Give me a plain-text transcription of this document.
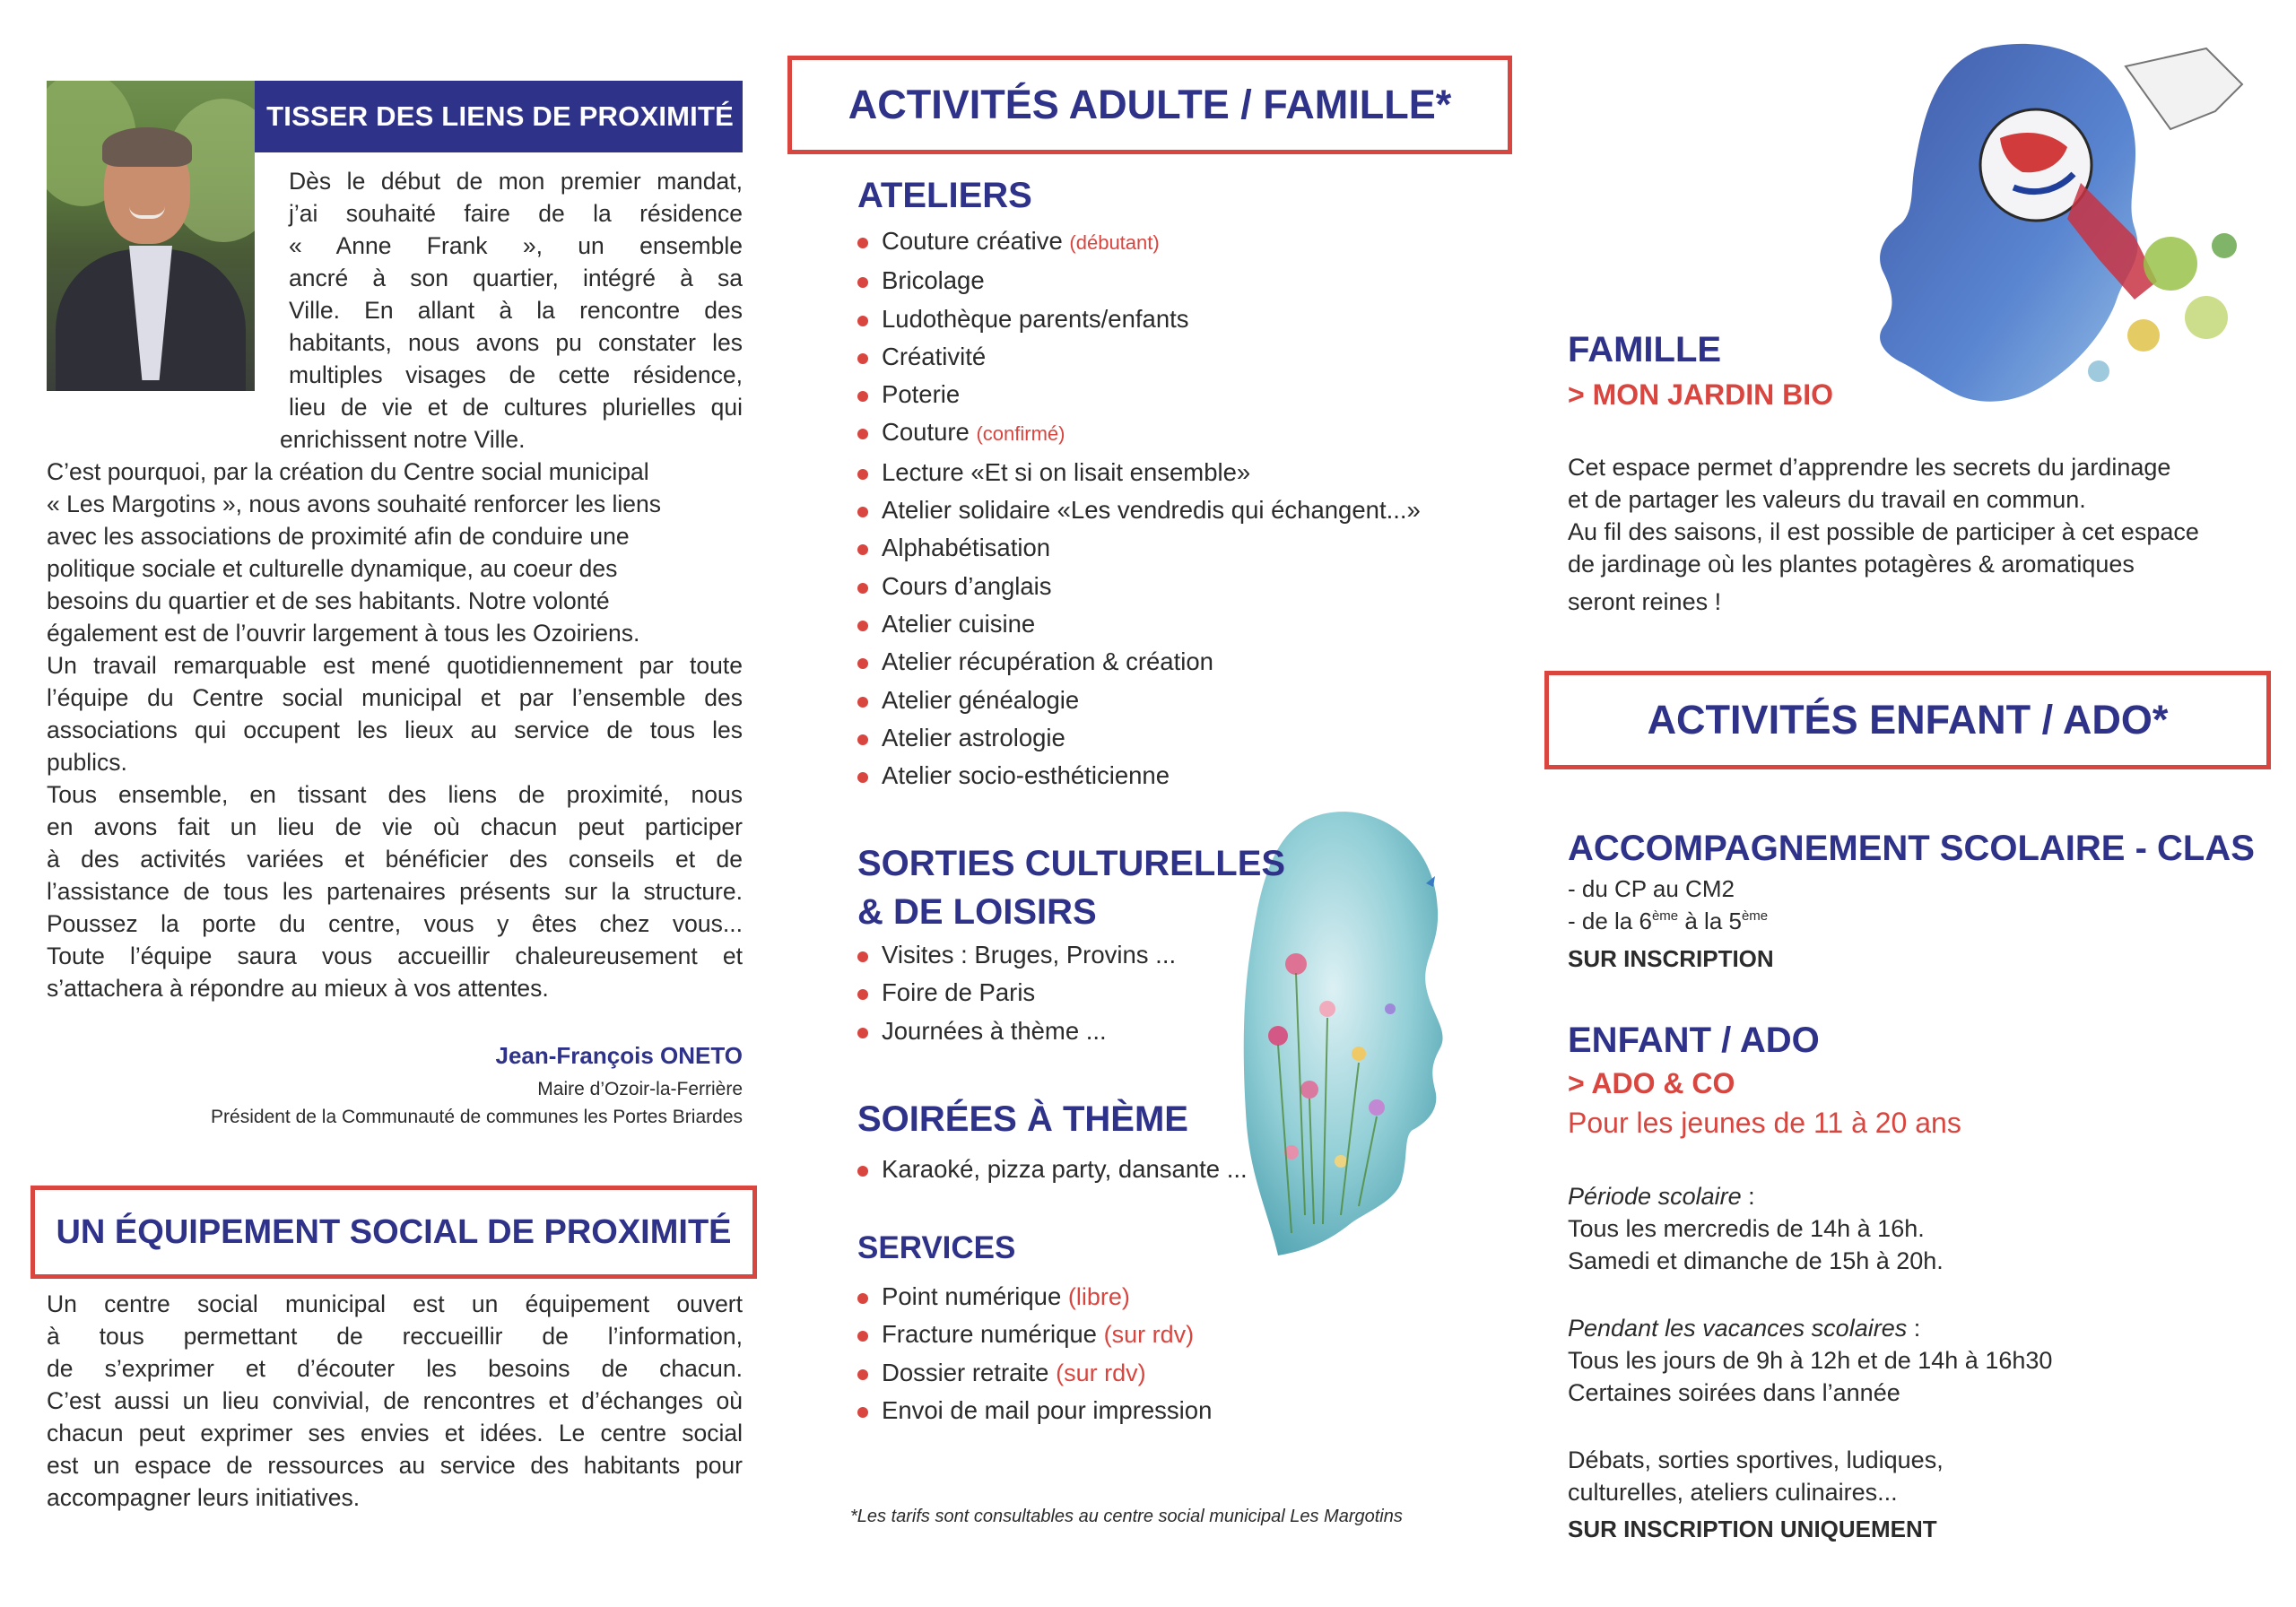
TISSER DES LIENS DE PROXIMITÉ

Dès le début de mon premier mandat,

j’ai souhaité faire de la résidence

« Anne Frank », un ensemble

ancré à son quartier, intégré à sa

Ville. En allant à la rencontre des

habitants, nous avons pu constater les

multiples visages de cette résidence,

lieu de vie et de cultures plurielles qui

enrichissent notre Ville.

C’est pourquoi, par la création du Centre social municipal

« Les Margotins », nous avons souhaité renforcer les liens

avec les associations de proximité afin de conduire une

politique sociale et culturelle dynamique, au coeur des

besoins du quartier et de ses habitants. Notre volonté

également est de l’ouvrir largement à tous les Ozoiriens.

Un travail remarquable est mené quotidiennement par toute

l’équipe du Centre social municipal et par l’ensemble des

associations qui occupent les lieux au service de tous les

publics.

Tous ensemble, en tissant des liens de proximité, nous

en avons fait un lieu de vie où chacun peut participer

à des activités variées et bénéficier des conseils et de

l’assistance de tous les partenaires présents sur la structure.

Poussez la porte du centre, vous y êtes chez vous...

Toute l’équipe saura vous accueillir chaleureusement et

s’attachera à répondre au mieux à vos attentes.

Jean-François ONETO
Maire d’Ozoir-la-Ferrière
Président de la Communauté de communes les Portes Briardes
UN ÉQUIPEMENT SOCIAL DE PROXIMITÉ

Un centre social municipal est un équipement ouvert

à tous permettant de reccueillir de l’information,

de s’exprimer et d’écouter les besoins de chacun.

C’est aussi un lieu convivial, de rencontres et d’échanges où

chacun peut exprimer ses envies et idées. Le centre social

est un espace de ressources au service des habitants pour

accompagner leurs initiatives.

ACTIVITÉS ADULTE / FAMILLE*
ATELIERS
Couture créative (débutant)
Bricolage
Ludothèque parents/enfants
Créativité
Poterie
Couture (confirmé)
Lecture «Et si on lisait ensemble»
Atelier solidaire «Les vendredis qui échangent...»
Alphabétisation
Cours d’anglais
Atelier cuisine
Atelier récupération & création
Atelier généalogie
Atelier astrologie
Atelier socio-esthéticienne
SORTIES CULTURELLES
& DE LOISIRS
Visites : Bruges, Provins ...
Foire de Paris
Journées à thème ...
SOIRÉES À THÈME
Karaoké, pizza party, dansante ...
SERVICES
Point numérique (libre)
Fracture numérique (sur rdv)
Dossier retraite (sur rdv)
Envoi de mail pour impression
*Les tarifs sont consultables au centre social municipal Les Margotins
FAMILLE
> MON JARDIN BIO

Cet espace permet d’apprendre les secrets du jardinage

et de partager les valeurs du travail en commun.

Au fil des saisons, il est possible de participer à cet espace

de jardinage où les plantes potagères & aromatiques

seront reines !

ACTIVITÉS ENFANT / ADO*
ACCOMPAGNEMENT SCOLAIRE - CLAS
- du CP au CM2
- de la 6ème à la 5ème
SUR INSCRIPTION
ENFANT / ADO
> ADO & CO
Pour les jeunes de 11 à 20 ans

Période scolaire :

Tous les mercredis de 14h à 16h.

Samedi et dimanche de 15h à 20h.

Pendant les vacances scolaires :

Tous les jours de 9h à 12h et de 14h à 16h30

Certaines soirées dans l’année

Débats, sorties sportives, ludiques,

culturelles, ateliers culinaires...

SUR INSCRIPTION UNIQUEMENT
